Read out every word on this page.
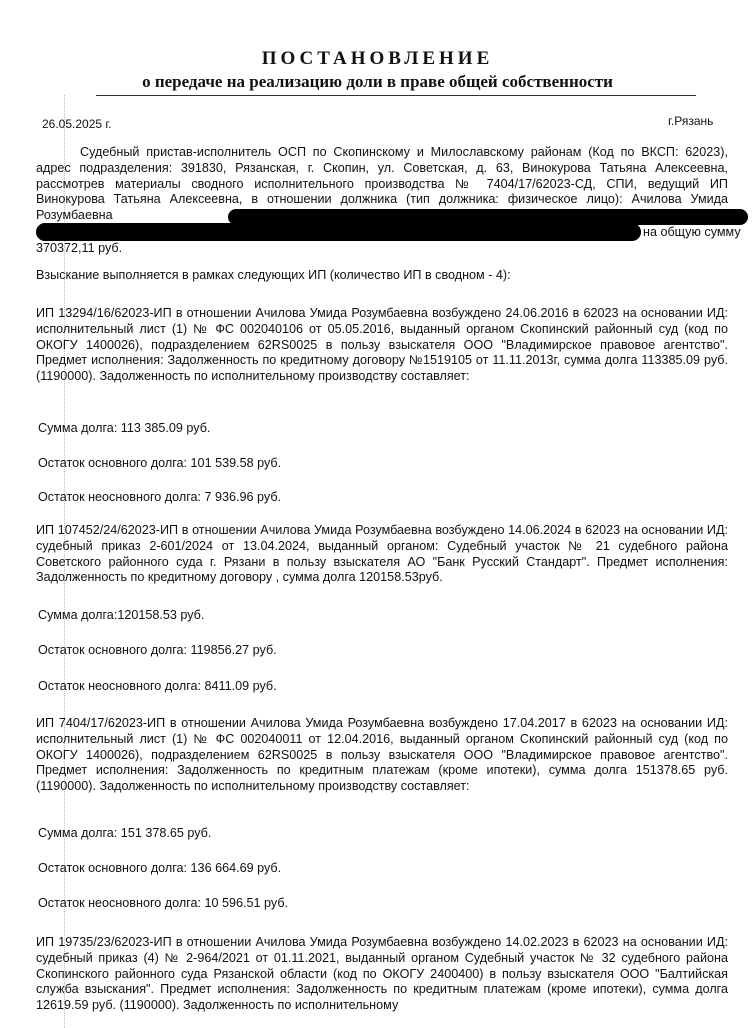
ПОСТАНОВЛЕНИЕ
о передаче на реализацию доли в праве общей собственности
26.05.2025 г.	г.Рязань
Судебный пристав-исполнитель ОСП по Скопинскому и Милославскому районам (Код по ВКСП: 62023), адрес подразделения: 391830, Рязанская, г. Скопин, ул. Советская, д. 63, Винокурова Татьяна Алексеевна, рассмотрев материалы сводного исполнительного производства № 7404/17/62023-СД, СПИ, ведущий ИП Винокурова Татьяна Алексеевна, в отношении должника (тип должника: физическое лицо): Ачилова Умида Розумбаевна
на общую сумму
370372,11 руб.
Взыскание выполняется в рамках следующих ИП (количество ИП в сводном - 4):
ИП 13294/16/62023-ИП в отношении Ачилова Умида Розумбаевна возбуждено 24.06.2016 в 62023 на основании ИД: исполнительный лист (1) № ФС 002040106 от 05.05.2016, выданный органом Скопинский районный суд (код по ОКОГУ 1400026), подразделением 62RS0025 в пользу взыскателя ООО "Владимирское правовое агентство". Предмет исполнения: Задолженность по кредитному договору №1519105 от 11.11.2013г, сумма долга 113385.09 руб. (1190000). Задолженность по исполнительному производству составляет:
Сумма долга: 113 385.09 руб.
Остаток основного долга: 101 539.58 руб.
Остаток неосновного долга: 7 936.96 руб.
ИП 107452/24/62023-ИП в отношении Ачилова Умида Розумбаевна возбуждено 14.06.2024 в 62023 на основании ИД: судебный приказ 2-601/2024 от 13.04.2024, выданный органом: Судебный участок № 21 судебного района Советского районного суда г. Рязани в пользу взыскателя АО "Банк Русский Стандарт". Предмет исполнения: Задолженность по кредитному договору , сумма долга 120158.53руб.
Сумма долга:120158.53 руб.
Остаток основного долга: 119856.27 руб.
Остаток неосновного долга: 8411.09 руб.
ИП 7404/17/62023-ИП в отношении Ачилова Умида Розумбаевна возбуждено 17.04.2017 в 62023 на основании ИД: исполнительный лист (1) № ФС 002040011 от 12.04.2016, выданный органом Скопинский районный суд (код по ОКОГУ 1400026), подразделением 62RS0025 в пользу взыскателя ООО "Владимирское правовое агентство". Предмет исполнения: Задолженность по кредитным платежам (кроме ипотеки), сумма долга 151378.65 руб. (1190000). Задолженность по исполнительному производству составляет:
Сумма долга: 151 378.65 руб.
Остаток основного долга: 136 664.69 руб.
Остаток неосновного долга: 10 596.51 руб.
ИП 19735/23/62023-ИП в отношении Ачилова Умида Розумбаевна возбуждено 14.02.2023 в 62023 на основании ИД: судебный приказ (4) № 2-964/2021 от 01.11.2021, выданный органом Судебный участок № 32 судебного района Скопинского районного суда Рязанской области (код по ОКОГУ 2400400) в пользу взыскателя ООО "Балтийская служба взыскания". Предмет исполнения: Задолженность по кредитным платежам (кроме ипотеки), сумма долга 12619.59 руб. (1190000). Задолженность по исполнительному
